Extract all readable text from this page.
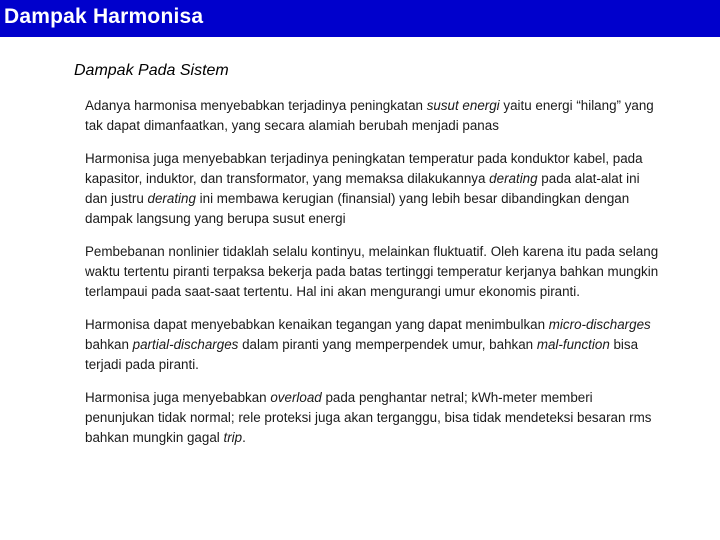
Dampak Harmonisa
Dampak Pada Sistem

Adanya harmonisa menyebabkan terjadinya peningkatan susut energi yaitu energi “hilang” yang tak dapat dimanfaatkan, yang secara alamiah berubah menjadi panas

Harmonisa juga menyebabkan terjadinya peningkatan temperatur pada konduktor kabel, pada kapasitor, induktor, dan transformator, yang memaksa dilakukannya derating pada alat-alat ini dan justru derating ini membawa kerugian (finansial) yang lebih besar dibandingkan dengan dampak langsung yang berupa susut energi

Pembebanan nonlinier tidaklah selalu kontinyu, melainkan fluktuatif. Oleh karena itu pada selang waktu tertentu piranti terpaksa bekerja pada batas tertinggi temperatur kerjanya bahkan mungkin terlampaui pada saat-saat tertentu. Hal ini akan mengurangi umur ekonomis piranti.

Harmonisa dapat menyebabkan kenaikan tegangan yang dapat menimbulkan micro-discharges bahkan partial-discharges dalam piranti yang memperpendek umur, bahkan mal-function bisa terjadi pada piranti.

Harmonisa juga menyebabkan overload pada penghantar netral; kWh-meter memberi penunjukan tidak normal; rele proteksi juga akan terganggu, bisa tidak mendeteksi besaran rms bahkan mungkin gagal trip.
